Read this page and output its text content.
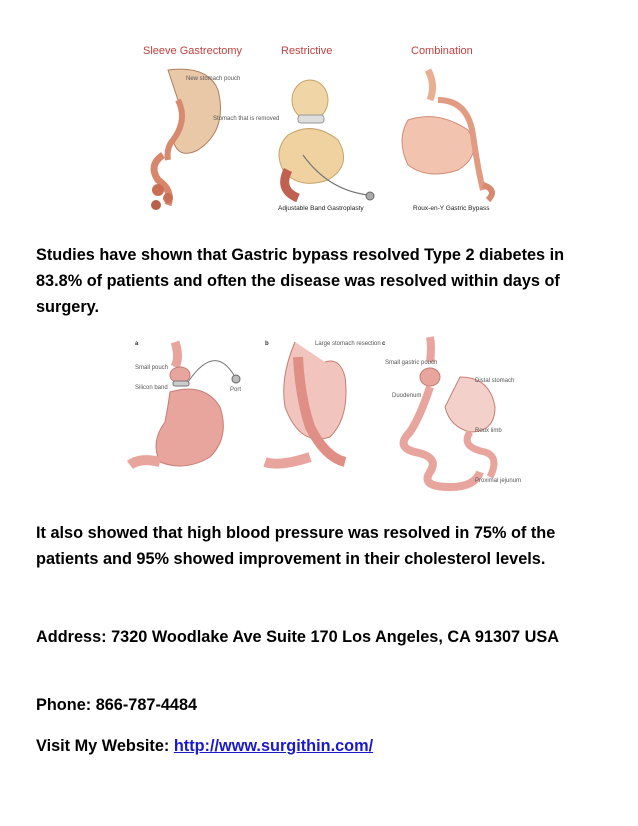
Sleeve Gastrectomy	Restrictive	Combination
New stomach pouch
Stomach that is removed
Adjustable Band Gastroplasty	Roux-en-Y Gastric Bypass

Studies have shown that Gastric bypass resolved Type 2 diabetes in 83.8% of patients and often the disease was resolved within days of surgery.

a	b	c
Small pouch
Silicon band	Port
Large stomach resection
Small gastric pouch
Duodenum
Distal stomach
Roux limb
Proximal jejunum

It also showed that high blood pressure was resolved in 75% of the patients and 95% showed improvement in their cholesterol levels.

Address: 7320 Woodlake Ave Suite 170 Los Angeles, CA 91307 USA

Phone: 866-787-4484

Visit My Website: http://www.surgithin.com/
